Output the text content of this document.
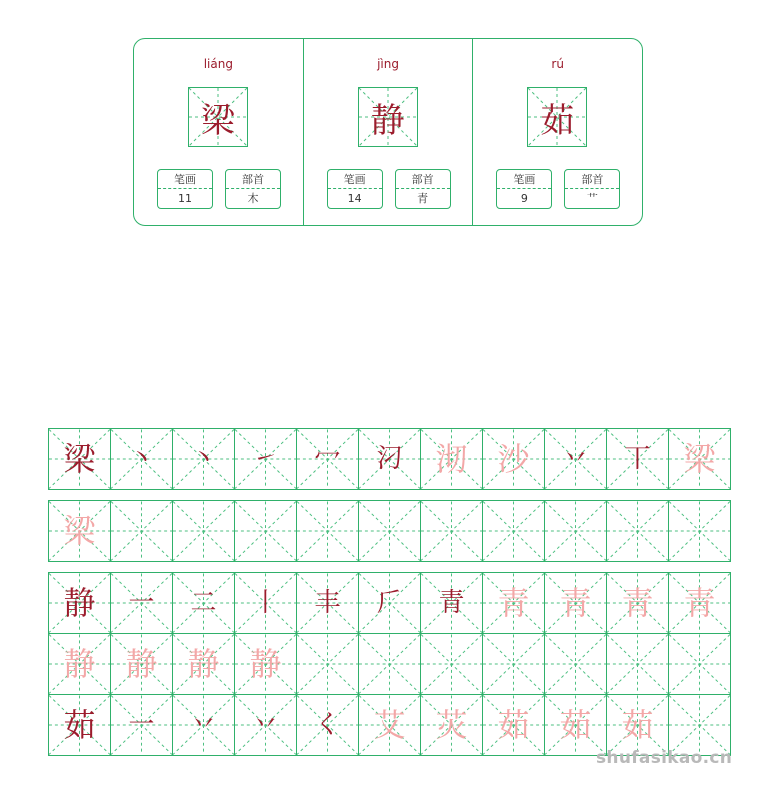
liáng
梁
笔画
11
部首
木
jìng
静
笔画
14
部首
青
rú
茹
笔画
9
部首
艹
梁	丶	丶	㇀	冖	汈	沏 沙	丷	丅	梁
梁
静	一	二	丨	丰	𠂆	青	青 青 青 青
静 静 静 静
茹	一	丷	丷	く	艾 苂 茹 茹 茹
shufasikao.cn
